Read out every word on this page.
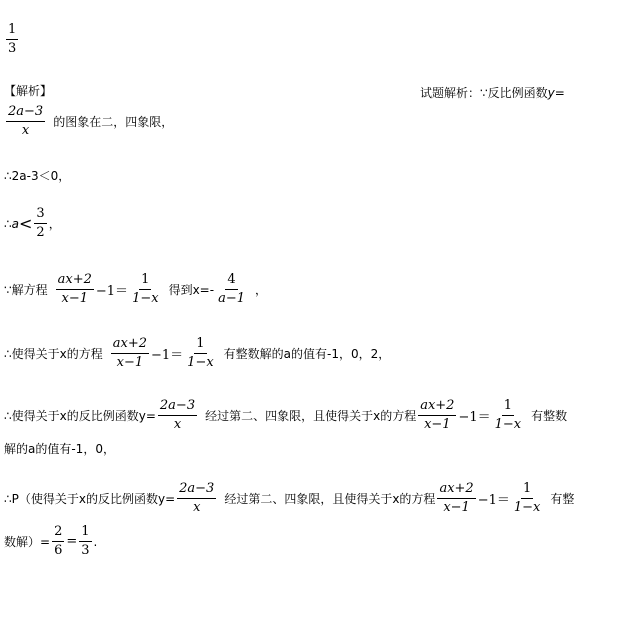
$\frac{1}{3}$
【解析】	试题解析：∵反比例函数 y=
$\frac{2a-3}{x}$ 的图象在二，四象限，
∴2a-3＜0，
∴a < $\frac{3}{2}$ ，
∵解方程 $\frac{ax+2}{x-1} -1= \frac{1}{1-x}$ 得到$x=- \frac{4}{a-1}$ ，
∴使得关于x的方程 $\frac{ax+2}{x-1} -1= \frac{1}{1-x}$ 有整数解的a的值有-1，0，2，
∴使得关于x的反比例函数$y= \frac{2a-3}{x}$ 经过第二、四象限，且使得关于x的方程 $\frac{ax+2}{x-1} -1= \frac{1}{1-x}$ 有整数
解的a的值有-1，0，
∴P（使得关于x的反比例函数$y= \frac{2a-3}{x}$ 经过第二、四象限，且使得关于x的方程 $\frac{ax+2}{x-1} -1= \frac{1}{1-x}$ 有整
数解）= $\frac{2}{6} = \frac{1}{3}$ .
